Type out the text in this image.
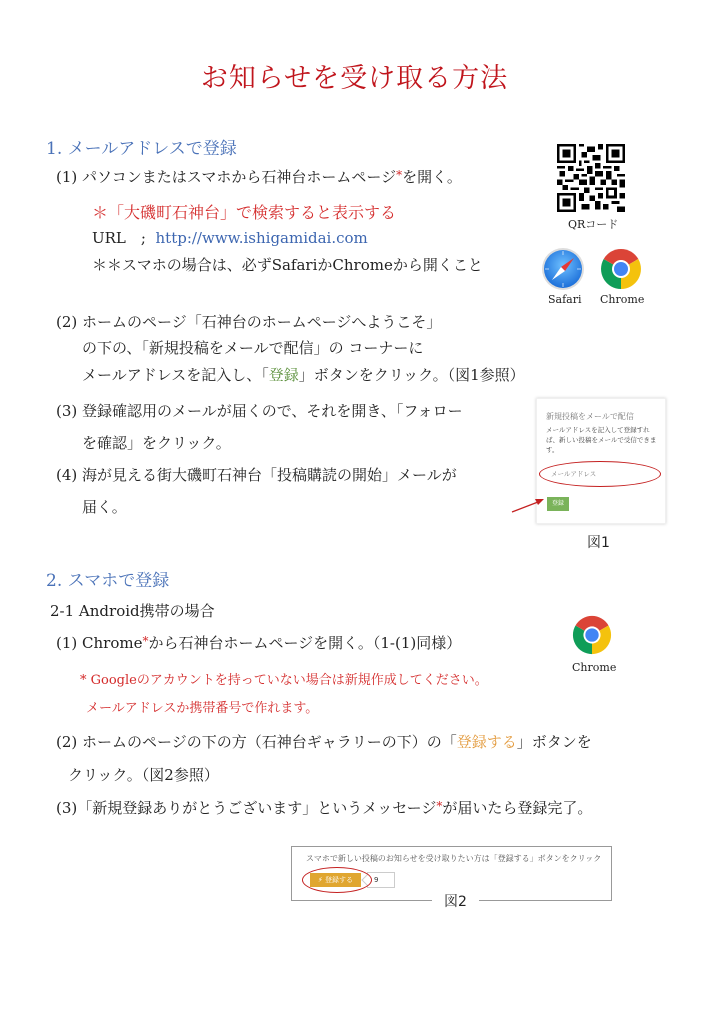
お知らせを受け取る方法
1. メールアドレスで登録
(1) パソコンまたはスマホから石神台ホームページ*を開く。
＊「大磯町石神台」で検索すると表示する
URL　; http://www.ishigamidai.com
＊＊スマホの場合は、必ずSafariかChromeから開くこと
QRコード
Safari Chrome
(2) ホームのページ「石神台のホームページへようこそ」
の下の、「新規投稿をメールで配信」の コーナーに
メールアドレスを記入し、「登録」ボタンをクリック。（図1参照）
(3) 登録確認用のメールが届くので、それを開き、「フォロー
を確認」をクリック。
(4) 海が見える街大磯町石神台「投稿購読の開始」メールが
届く。
新規投稿をメールで配信
メールアドレスを記入して登録すれば、新しい投稿をメールで受信できます。
メールアドレス
登録
図1
2. スマホで登録
2-1 Android携帯の場合
(1) Chrome*から石神台ホームページを開く。（1-(1)同様）
* Googleのアカウントを持っていない場合は新規作成してください。
メールアドレスか携帯番号で作れます。
Chrome
(2) ホームのページの下の方（石神台ギャラリーの下）の「登録する」ボタンを
クリック。（図2参照）
(3)「新規登録ありがとうございます」というメッセージ*が届いたら登録完了。
スマホで新しい投稿のお知らせを受け取りたい方は「登録する」ボタンをクリック
⚡ 登録する	9
図2
